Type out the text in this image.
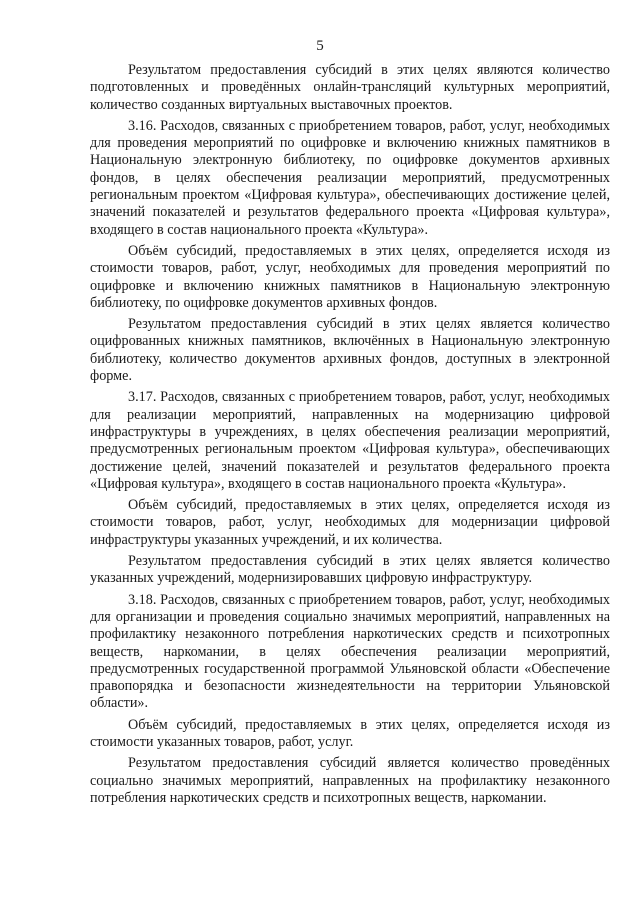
5

Результатом предоставления субсидий в этих целях являются количество подготовленных и проведённых онлайн-трансляций культурных мероприятий, количество созданных виртуальных выставочных проектов.

3.16. Расходов, связанных с приобретением товаров, работ, услуг, необходимых для проведения мероприятий по оцифровке и включению книжных памятников в Национальную электронную библиотеку, по оцифровке документов архивных фондов, в целях обеспечения реализации мероприятий, предусмотренных региональным проектом «Цифровая культура», обеспечивающих достижение целей, значений показателей и результатов федерального проекта «Цифровая культура», входящего в состав национального проекта «Культура».

Объём субсидий, предоставляемых в этих целях, определяется исходя из стоимости товаров, работ, услуг, необходимых для проведения мероприятий по оцифровке и включению книжных памятников в Национальную электронную библиотеку, по оцифровке документов архивных фондов.

Результатом предоставления субсидий в этих целях является количество оцифрованных книжных памятников, включённых в Национальную электронную библиотеку, количество документов архивных фондов, доступных в электронной форме.

3.17. Расходов, связанных с приобретением товаров, работ, услуг, необходимых для реализации мероприятий, направленных на модернизацию цифровой инфраструктуры в учреждениях, в целях обеспечения реализации мероприятий, предусмотренных региональным проектом «Цифровая культура», обеспечивающих достижение целей, значений показателей и результатов федерального проекта «Цифровая культура», входящего в состав национального проекта «Культура».

Объём субсидий, предоставляемых в этих целях, определяется исходя из стоимости товаров, работ, услуг, необходимых для модернизации цифровой инфраструктуры указанных учреждений, и их количества.

Результатом предоставления субсидий в этих целях является количество указанных учреждений, модернизировавших цифровую инфраструктуру.

3.18. Расходов, связанных с приобретением товаров, работ, услуг, необходимых для организации и проведения социально значимых мероприятий, направленных на профилактику незаконного потребления наркотических средств и психотропных веществ, наркомании, в целях обеспечения реализации мероприятий, предусмотренных государственной программой Ульяновской области «Обеспечение правопорядка и безопасности жизнедеятельности на территории Ульяновской области».

Объём субсидий, предоставляемых в этих целях, определяется исходя из стоимости указанных товаров, работ, услуг.

Результатом предоставления субсидий является количество проведённых социально значимых мероприятий, направленных на профилактику незаконного потребления наркотических средств и психотропных веществ, наркомании.
